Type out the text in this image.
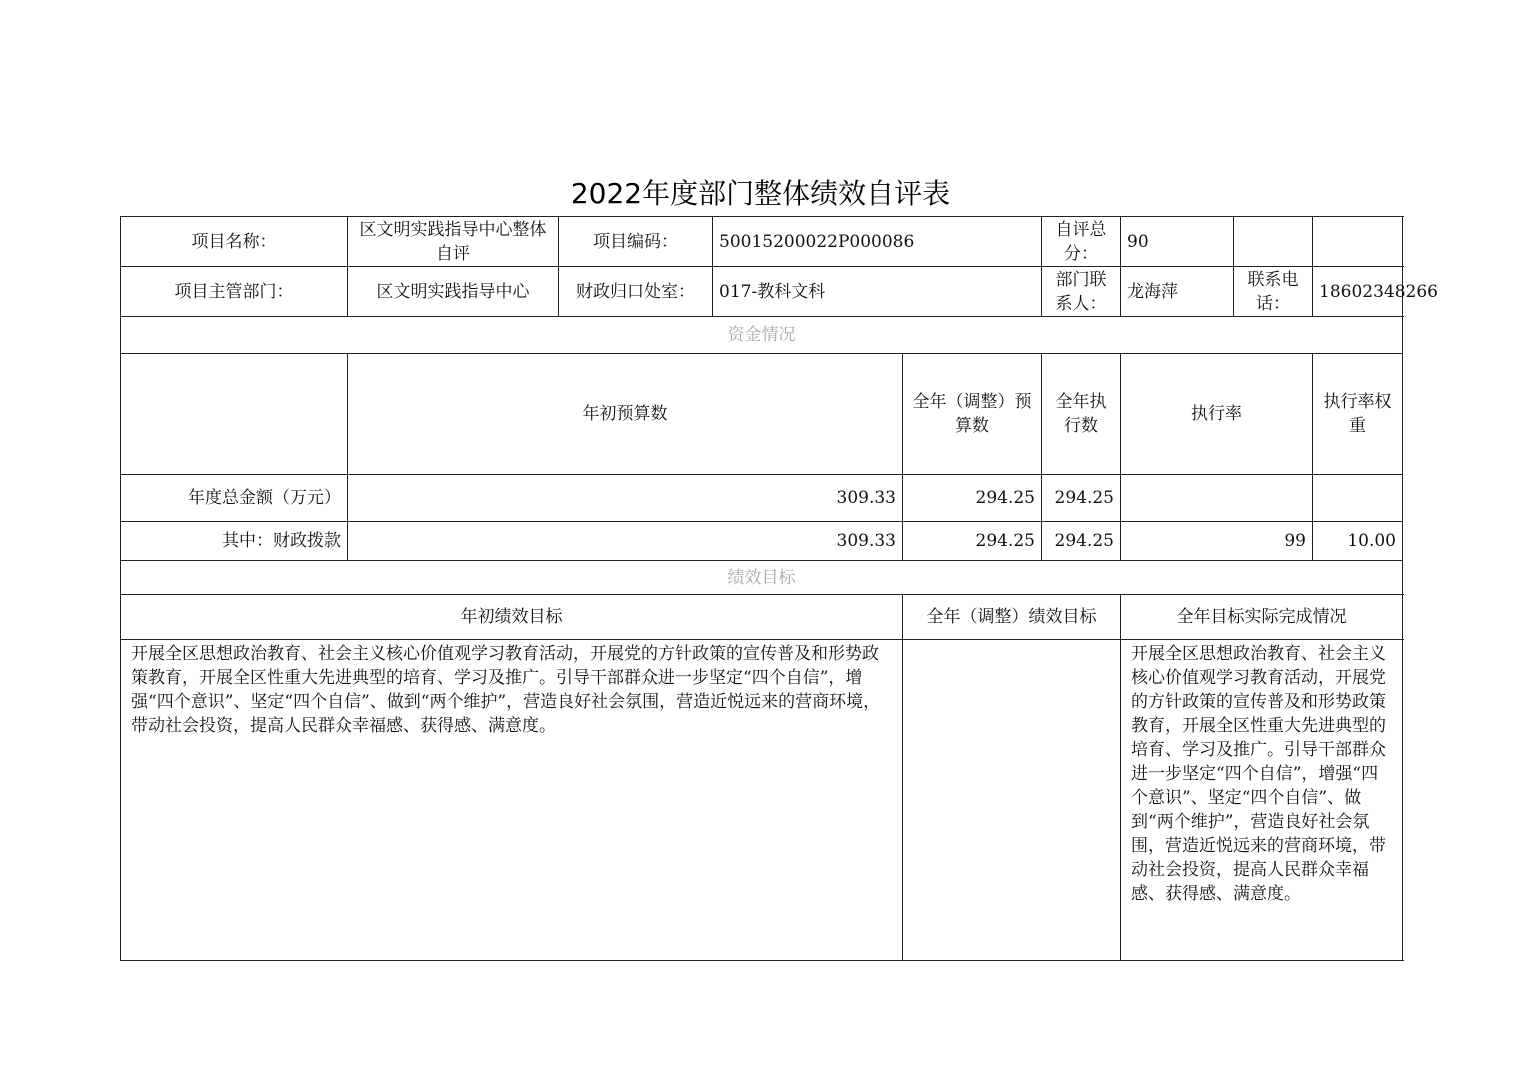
2022年度部门整体绩效自评表
项目名称：	区文明实践指导中心整体自评	项目编码：	50015200022P000086		自评总分：	90			
项目主管部门：	区文明实践指导中心	财政归口处室：	017-教科文科		部门联系人：	龙海萍	联系电话：	18602348266	
资金情况									
	年初预算数			全年（调整）预算数	全年执行数	执行率		执行率权重	
年度总金额（万元）	309.33			294.25	294.25				
其中：财政拨款	309.33			294.25	294.25	99		10.00	
绩效目标									
年初绩效目标				全年（调整）绩效目标		全年目标实际完成情况			
开展全区思想政治教育、社会主义核心价值观学习教育活动，开展党的方针政策的宣传普及和形势政策教育，开展全区性重大先进典型的培育、学习及推广。引导干部群众进一步坚定“四个自信”，增强“四个意识”、坚定“四个自信”、做到“两个维护”，营造良好社会氛围，营造近悦远来的营商环境，带动社会投资，提高人民群众幸福感、获得感、满意度。						开展全区思想政治教育、社会主义核心价值观学习教育活动，开展党的方针政策的宣传普及和形势政策教育，开展全区性重大先进典型的培育、学习及推广。引导干部群众进一步坚定“四个自信”，增强“四个意识”、坚定“四个自信”、做到“两个维护”，营造良好社会氛围，营造近悦远来的营商环境，带动社会投资，提高人民群众幸福感、获得感、满意度。			
